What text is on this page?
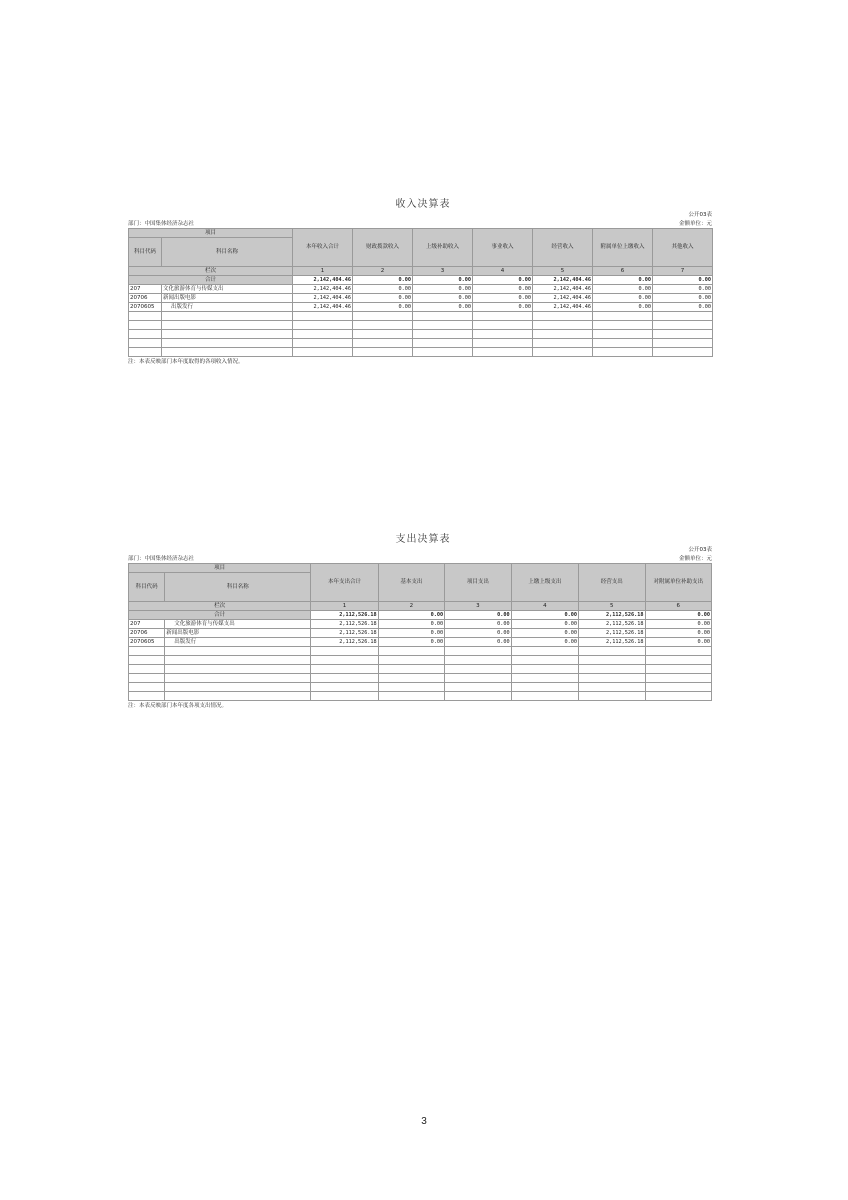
收入决算表
公开03表
金额单位：元
部门：中国集体经济杂志社
项目		本年收入合计	财政拨款收入	上级补助收入	事业收入	经营收入	附属单位上缴收入	其他收入
科目代码	科目名称							
栏次		1	2	3	4	5	6	7
合计		2,142,404.46	0.00	0.00	0.00	2,142,404.46	0.00	0.00
207	文化旅游体育与传媒支出	2,142,404.46	0.00	0.00	0.00	2,142,404.46	0.00	0.00
20706	新闻出版电影	2,142,404.46	0.00	0.00	0.00	2,142,404.46	0.00	0.00
2070605	出版发行	2,142,404.46	0.00	0.00	0.00	2,142,404.46	0.00	0.00

注：本表反映部门本年度取得的各项收入情况。
支出决算表
公开03表
金额单位：元
部门：中国集体经济杂志社
项目		本年支出合计	基本支出	项目支出	上缴上级支出	经营支出	对附属单位补助支出
科目代码	科目名称						
栏次		1	2	3	4	5	6
合计		2,112,526.18	0.00	0.00	0.00	2,112,526.18	0.00
207	文化旅游体育与传媒支出	2,112,526.18	0.00	0.00	0.00	2,112,526.18	0.00
20706	新闻出版电影	2,112,526.18	0.00	0.00	0.00	2,112,526.18	0.00
2070605	出版发行	2,112,526.18	0.00	0.00	0.00	2,112,526.18	0.00

注：本表反映部门本年度各项支出情况。
3
